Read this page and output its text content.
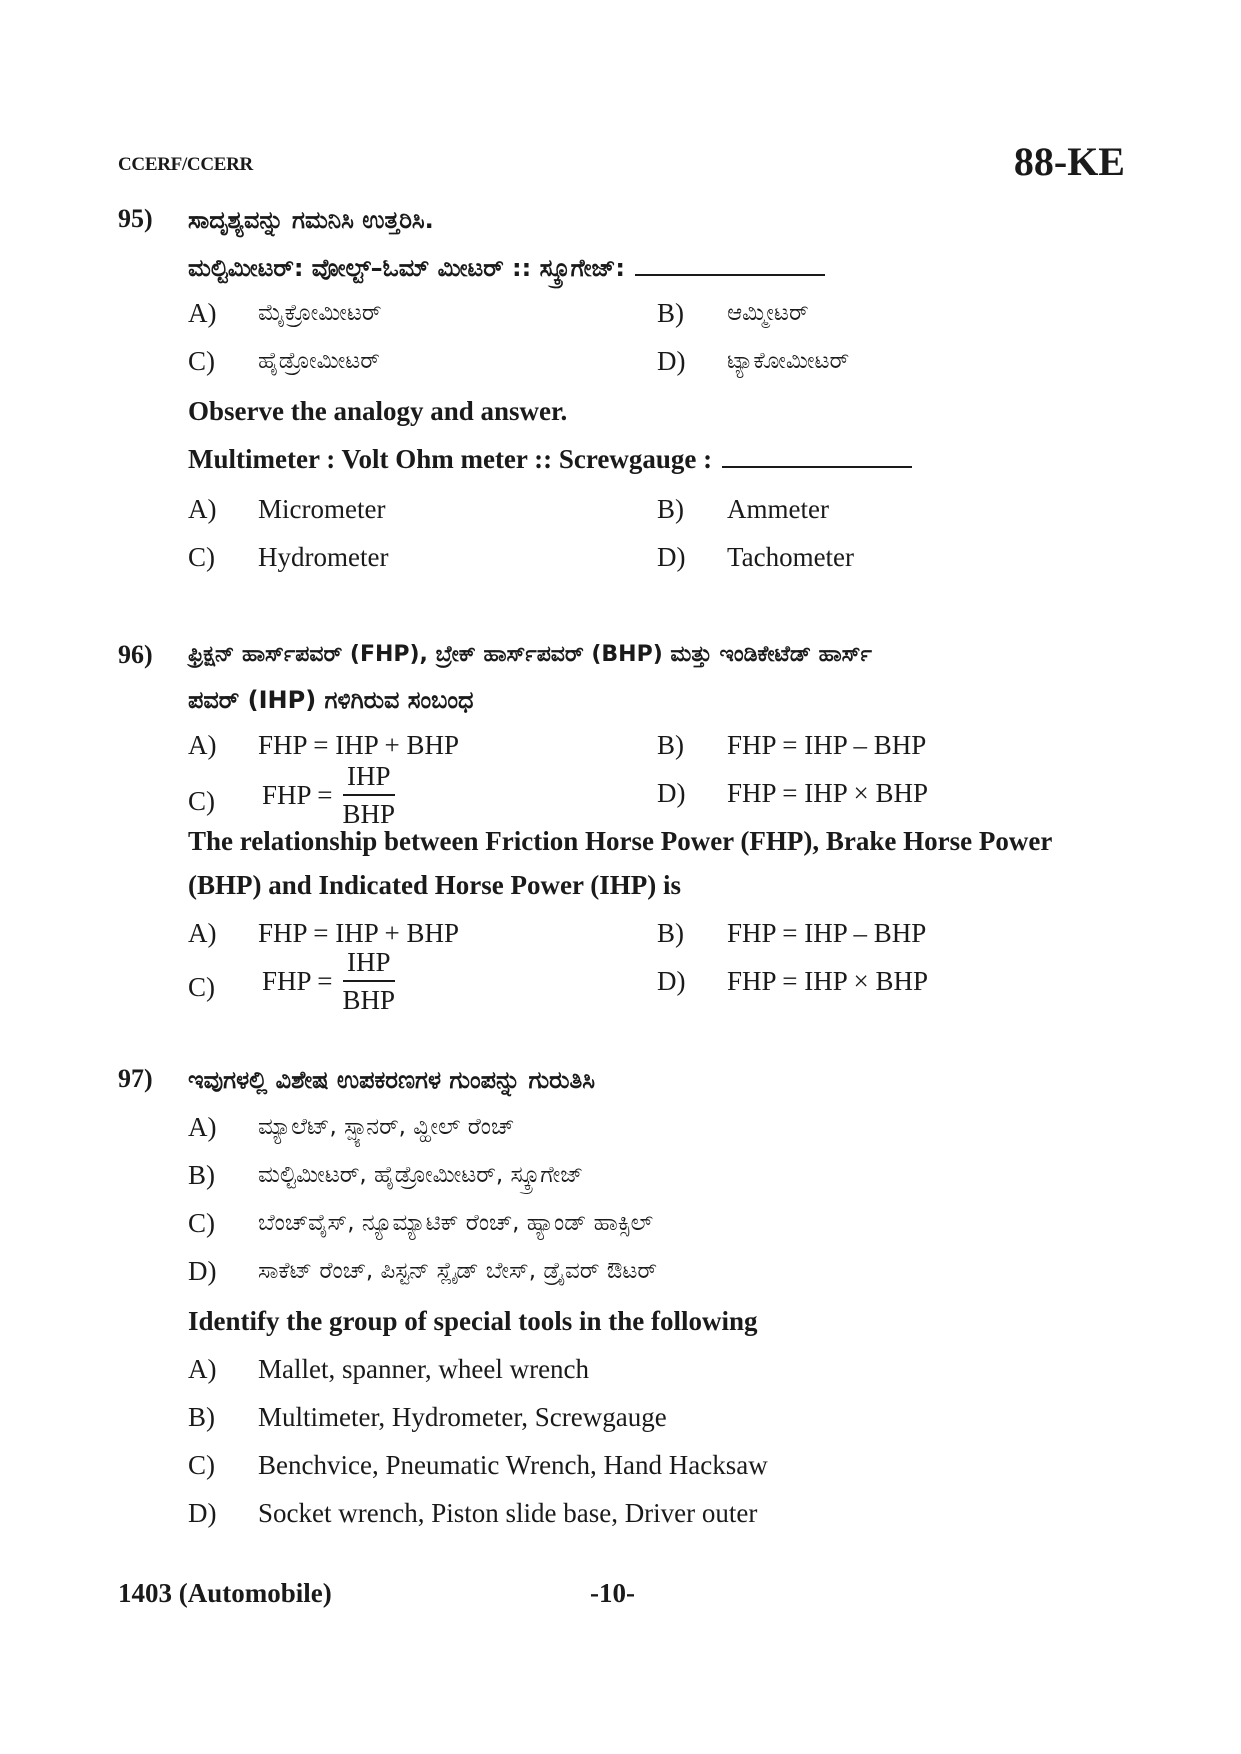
CCERF/CCERR	88-KE
95) ಸಾದೃಶ್ಯವನ್ನು ಗಮನಿಸಿ ಉತ್ತರಿಸಿ.
ಮಲ್ಟಿಮೀಟರ್: ವೋಲ್ಟ್–ಓಮ್ ಮೀಟರ್ :: ಸ್ಕ್ರೂಗೇಜ್:
A) ಮೈಕ್ರೋಮೀಟರ್	B) ಆಮ್ಮೀಟರ್
C) ಹೈಡ್ರೋಮೀಟರ್	D) ಟ್ಯಾಕೋಮೀಟರ್
Observe the analogy and answer.
Multimeter : Volt Ohm meter :: Screwgauge :
A) Micrometer	B) Ammeter
C) Hydrometer	D) Tachometer
96) ಫ್ರಿಕ್ಷನ್ ಹಾರ್ಸ್‌ಪವರ್ (FHP), ಬ್ರೇಕ್ ಹಾರ್ಸ್‌ಪವರ್ (BHP) ಮತ್ತು ಇಂಡಿಕೇಟೆಡ್ ಹಾರ್ಸ್
ಪವರ್ (IHP) ಗಳಿಗಿರುವ ಸಂಬಂಧ
A) FHP = IHP + BHP	B) FHP = IHP – BHP
C) FHP = $\frac{\text{IHP}}{\text{BHP}}$	D) FHP = IHP × BHP
The relationship between Friction Horse Power (FHP), Brake Horse Power
(BHP) and Indicated Horse Power (IHP) is
A) FHP = IHP + BHP	B) FHP = IHP – BHP
C) FHP = $\frac{\text{IHP}}{\text{BHP}}$	D) FHP = IHP × BHP
97) ಇವುಗಳಲ್ಲಿ ವಿಶೇಷ ಉಪಕರಣಗಳ ಗುಂಪನ್ನು ಗುರುತಿಸಿ
A) ಮ್ಯಾಲೆಟ್, ಸ್ಪ್ಯಾನರ್, ವ್ಹೀಲ್ ರೆಂಚ್
B) ಮಲ್ಟಿಮೀಟರ್, ಹೈಡ್ರೋಮೀಟರ್, ಸ್ಕ್ರೂಗೇಜ್
C) ಬೆಂಚ್‌ವೈಸ್, ನ್ಯೂಮ್ಯಾಟಿಕ್ ರೆಂಚ್, ಹ್ಯಾಂಡ್ ಹಾಕ್ಸಿಲ್
D) ಸಾಕೆಟ್ ರೆಂಚ್, ಪಿಸ್ಟನ್ ಸ್ಲೈಡ್ ಬೇಸ್, ಡ್ರೈವರ್ ಔಟರ್
Identify the group of special tools in the following
A) Mallet, spanner, wheel wrench
B) Multimeter, Hydrometer, Screwgauge
C) Benchvice, Pneumatic Wrench, Hand Hacksaw
D) Socket wrench, Piston slide base, Driver outer
1403 (Automobile)	-10-
